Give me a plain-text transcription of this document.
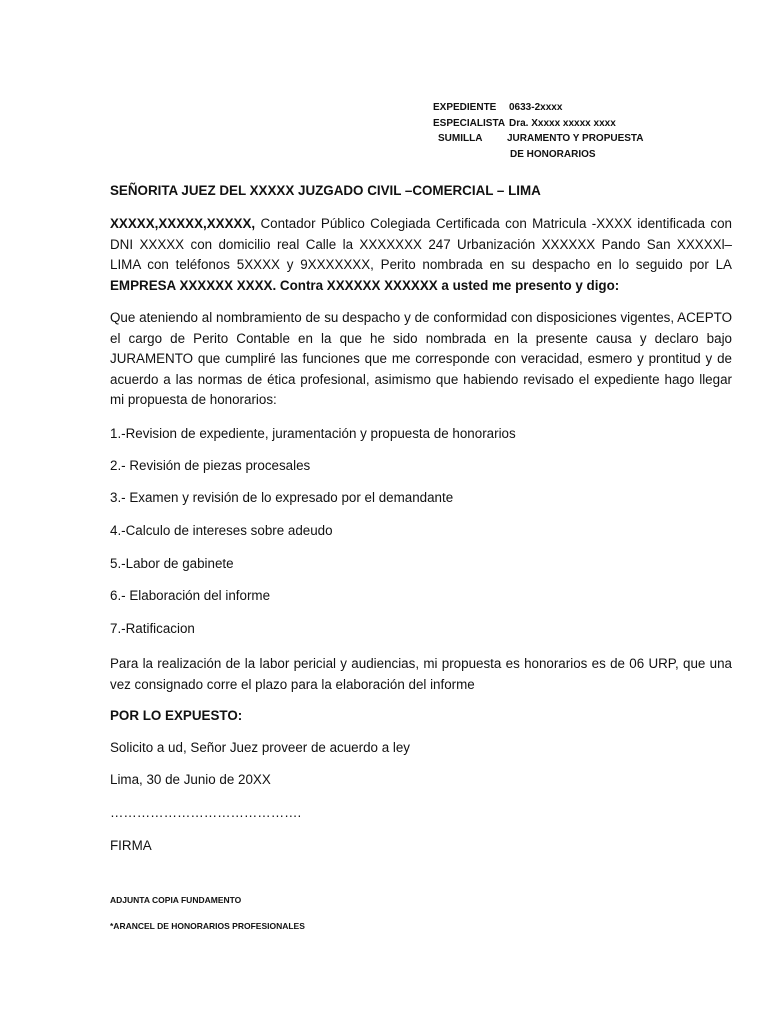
EXPEDIENTE 0633-2xxxx
ESPECIALISTA Dra. Xxxxx xxxxx xxxx
SUMILLA JURAMENTO Y PROPUESTA
DE HONORARIOS

SEÑORITA JUEZ DEL XXXXX JUZGADO CIVIL –COMERCIAL – LIMA

XXXXX,XXXXX,XXXXX, Contador Público Colegiada Certificada con Matricula -XXXX identificada con DNI XXXXX con domicilio real Calle la XXXXXXX 247 Urbanización XXXXXX Pando San XXXXXl– LIMA con teléfonos 5XXXX y 9XXXXXXX, Perito nombrada en su despacho en lo seguido por LA EMPRESA XXXXXX XXXX. Contra XXXXXX XXXXXX a usted me presento y digo:

Que ateniendo al nombramiento de su despacho y de conformidad con disposiciones vigentes, ACEPTO el cargo de Perito Contable en la que he sido nombrada en la presente causa y declaro bajo JURAMENTO que cumpliré las funciones que me corresponde con veracidad, esmero y prontitud y de acuerdo a las normas de ética profesional, asimismo que habiendo revisado el expediente hago llegar mi propuesta de honorarios:

1.-Revision de expediente, juramentación y propuesta de honorarios

2.- Revisión de piezas procesales

3.- Examen y revisión de lo expresado por el demandante

4.-Calculo de intereses sobre adeudo

5.-Labor de gabinete

6.- Elaboración del informe

7.-Ratificacion

Para la realización de la labor pericial y audiencias, mi propuesta es honorarios es de 06 URP, que una vez consignado corre el plazo para la elaboración del informe

POR LO EXPUESTO:

Solicito a ud, Señor Juez proveer de acuerdo a ley

Lima, 30 de Junio de 20XX

…………………………………….

FIRMA

ADJUNTA COPIA FUNDAMENTO
*ARANCEL DE HONORARIOS PROFESIONALES
